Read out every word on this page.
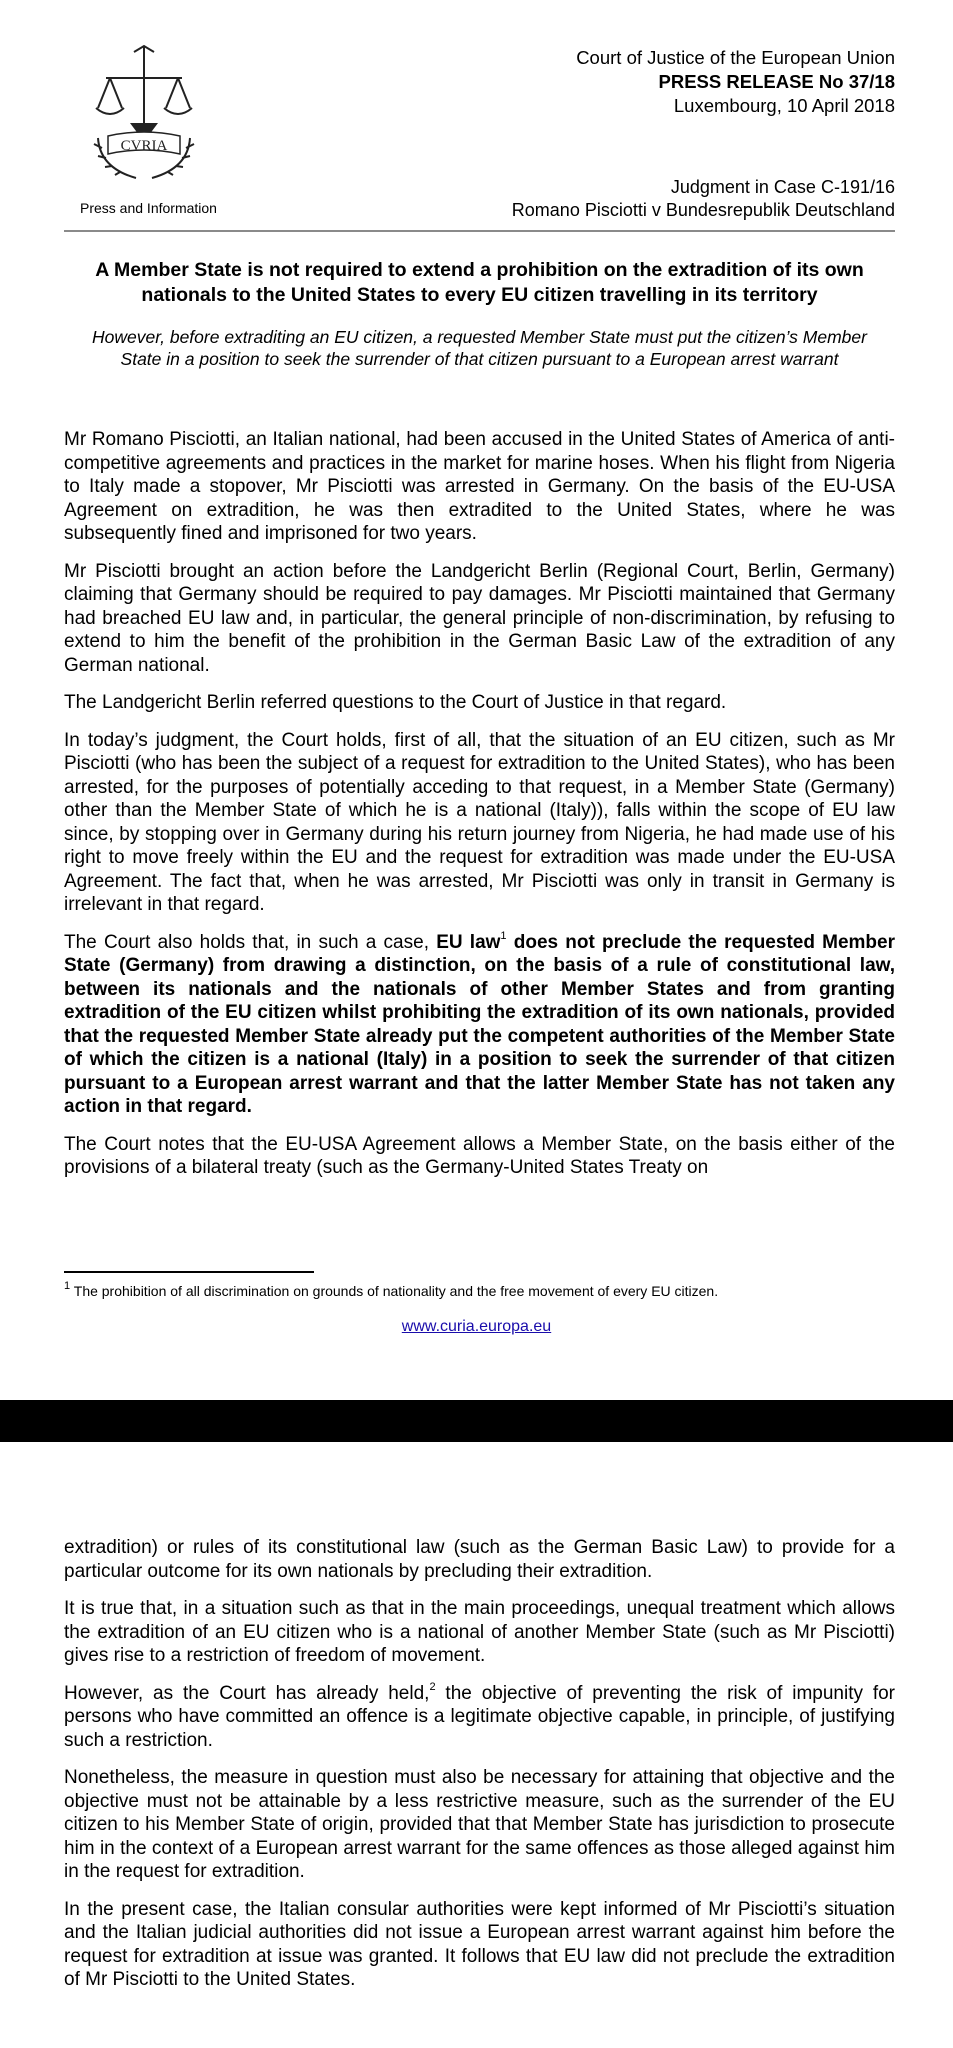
CVRIA
Press and Information
Court of Justice of the European Union
PRESS RELEASE No 37/18
Luxembourg, 10 April 2018
Judgment in Case C-191/16
Romano Pisciotti v Bundesrepublik Deutschland
A Member State is not required to extend a prohibition on the extradition of its own nationals to the United States to every EU citizen travelling in its territory
However, before extraditing an EU citizen, a requested Member State must put the citizen’s Member State in a position to seek the surrender of that citizen pursuant to a European arrest warrant

Mr Romano Pisciotti, an Italian national, had been accused in the United States of America of anti-competitive agreements and practices in the market for marine hoses. When his flight from Nigeria to Italy made a stopover, Mr Pisciotti was arrested in Germany. On the basis of the EU-USA Agreement on extradition, he was then extradited to the United States, where he was subsequently fined and imprisoned for two years.

Mr Pisciotti brought an action before the Landgericht Berlin (Regional Court, Berlin, Germany) claiming that Germany should be required to pay damages. Mr Pisciotti maintained that Germany had breached EU law and, in particular, the general principle of non-discrimination, by refusing to extend to him the benefit of the prohibition in the German Basic Law of the extradition of any German national.

The Landgericht Berlin referred questions to the Court of Justice in that regard.

In today’s judgment, the Court holds, first of all, that the situation of an EU citizen, such as Mr Pisciotti (who has been the subject of a request for extradition to the United States), who has been arrested, for the purposes of potentially acceding to that request, in a Member State (Germany) other than the Member State of which he is a national (Italy)), falls within the scope of EU law since, by stopping over in Germany during his return journey from Nigeria, he had made use of his right to move freely within the EU and the request for extradition was made under the EU-USA Agreement. The fact that, when he was arrested, Mr Pisciotti was only in transit in Germany is irrelevant in that regard.

The Court also holds that, in such a case, EU law$^1$ does not preclude the requested Member State (Germany) from drawing a distinction, on the basis of a rule of constitutional law, between its nationals and the nationals of other Member States and from granting extradition of the EU citizen whilst prohibiting the extradition of its own nationals, provided that the requested Member State already put the competent authorities of the Member State of which the citizen is a national (Italy) in a position to seek the surrender of that citizen pursuant to a European arrest warrant and that the latter Member State has not taken any action in that regard.

The Court notes that the EU-USA Agreement allows a Member State, on the basis either of the provisions of a bilateral treaty (such as the Germany-United States Treaty on

$^1$ The prohibition of all discrimination on grounds of nationality and the free movement of every EU citizen.
www.curia.europa.eu

extradition) or rules of its constitutional law (such as the German Basic Law) to provide for a particular outcome for its own nationals by precluding their extradition.

It is true that, in a situation such as that in the main proceedings, unequal treatment which allows the extradition of an EU citizen who is a national of another Member State (such as Mr Pisciotti) gives rise to a restriction of freedom of movement.

However, as the Court has already held,$^2$ the objective of preventing the risk of impunity for persons who have committed an offence is a legitimate objective capable, in principle, of justifying such a restriction.

Nonetheless, the measure in question must also be necessary for attaining that objective and the objective must not be attainable by a less restrictive measure, such as the surrender of the EU citizen to his Member State of origin, provided that that Member State has jurisdiction to prosecute him in the context of a European arrest warrant for the same offences as those alleged against him in the request for extradition.

In the present case, the Italian consular authorities were kept informed of Mr Pisciotti’s situation and the Italian judicial authorities did not issue a European arrest warrant against him before the request for extradition at issue was granted. It follows that EU law did not preclude the extradition of Mr Pisciotti to the United States.
